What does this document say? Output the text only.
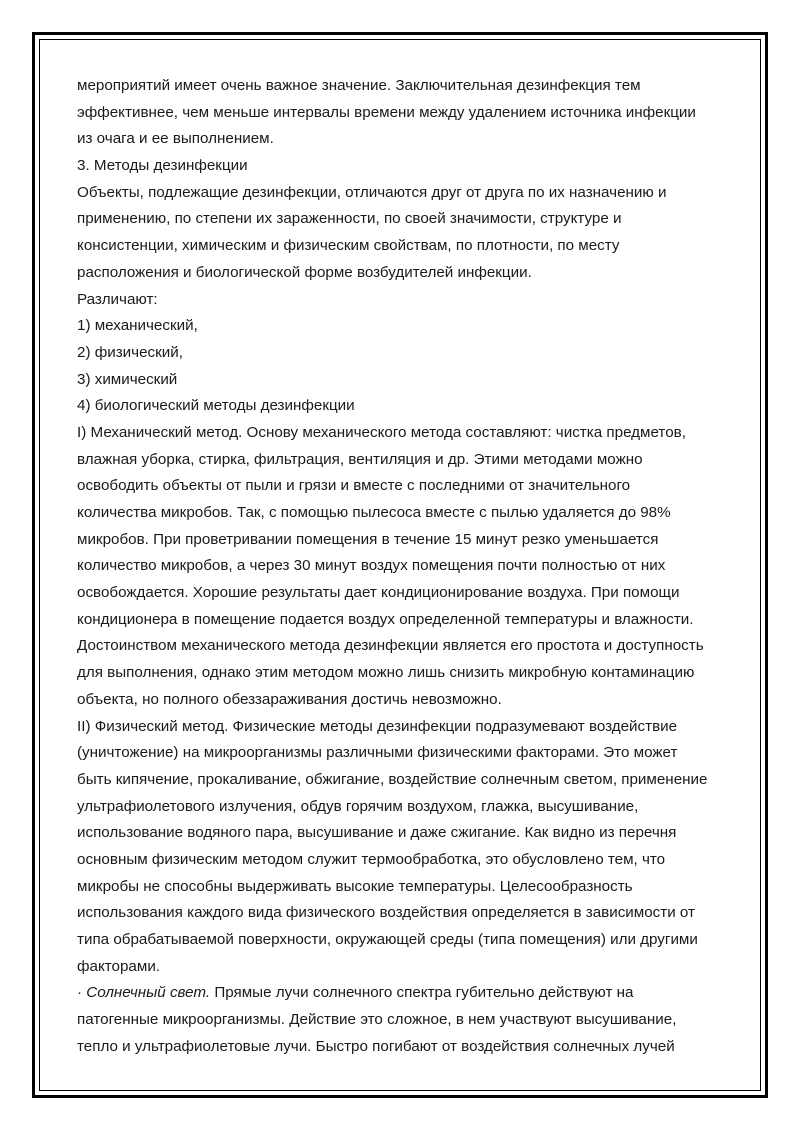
мероприятий имеет очень важное значение. Заключительная дезинфекция тем
эффективнее, чем меньше интервалы времени между удалением источника инфекции
из очага и ее выполнением.
3. Методы дезинфекции
Объекты, подлежащие дезинфекции, отличаются друг от друга по их назначению и
применению, по степени их зараженности, по своей значимости, структуре и
консистенции, химическим и физическим свойствам, по плотности, по месту
расположения и биологической форме возбудителей инфекции.
Различают:
1) механический,
2) физический,
3) химический
4) биологический методы дезинфекции
I) Механический метод. Основу механического метода составляют: чистка предметов,
влажная уборка, стирка, фильтрация, вентиляция и др. Этими методами можно
освободить объекты от пыли и грязи и вместе с последними от значительного
количества микробов. Так, с помощью пылесоса вместе с пылью удаляется до 98%
микробов. При проветривании помещения в течение 15 минут резко уменьшается
количество микробов, а через 30 минут воздух помещения почти полностью от них
освобождается. Хорошие результаты дает кондиционирование воздуха. При помощи
кондиционера в помещение подается воздух определенной температуры и влажности.
Достоинством механического метода дезинфекции является его простота и доступность
для выполнения, однако этим методом можно лишь снизить микробную контаминацию
объекта, но полного обеззараживания достичь невозможно.
II) Физический метод. Физические методы дезинфекции подразумевают воздействие
(уничтожение) на микроорганизмы различными физическими факторами. Это может
быть кипячение, прокаливание, обжигание, воздействие солнечным светом, применение
ультрафиолетового излучения, обдув горячим воздухом, глажка, высушивание,
использование водяного пара, высушивание и даже сжигание. Как видно из перечня
основным физическим методом служит термообработка, это обусловлено тем, что
микробы не способны выдерживать высокие температуры. Целесообразность
использования каждого вида физического воздействия определяется в зависимости от
типа обрабатываемой поверхности, окружающей среды (типа помещения) или другими
факторами.
· Солнечный свет. Прямые лучи солнечного спектра губительно действуют на
патогенные микроорганизмы. Действие это сложное, в нем участвуют высушивание,
тепло и ультрафиолетовые лучи. Быстро погибают от воздействия солнечных лучей
